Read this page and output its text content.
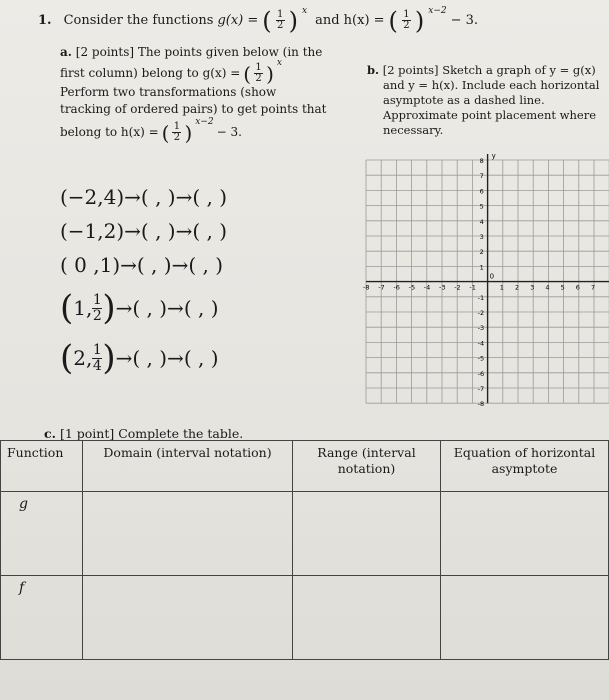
1. Consider the functions g(x) = ( $\frac{1}{2}$ ) x
and h(x) = ( $\frac{1}{2}$ ) x−2
− 3.
a. [2 points] The points given below (in the
first column) belong to g(x) = ( $\frac{1}{2}$ ) x
Perform two transformations (show
tracking of ordered pairs) to get points that
belong to h(x) = ( $\frac{1}{2}$ ) x−2
− 3.
b. [2 points] Sketch a graph of y = g(x)
and y = h(x). Include each horizontal
asymptote as a dashed line.
Approximate point placement where
necessary.
(−2,4) →( , )→( , )
(−1,2) →( , )→( , )
( 0 ,1) →( , )→( , )
( 1 , 1
2 ) →( , )→( , )
( 2 , 1
4 ) →( , )→( , )
y
0
-8 -7 -6 -5 -4 -3 -2 -1	1 2 3 4 5 6 7
8
7
6
5
4
3
2
1
-1
-2
-3
-4
-5
-6
-7
-8
c. [1 point] Complete the table.
Function	Domain (interval notation)	Range (interval notation)	Equation of horizontal asymptote
g			
f			
